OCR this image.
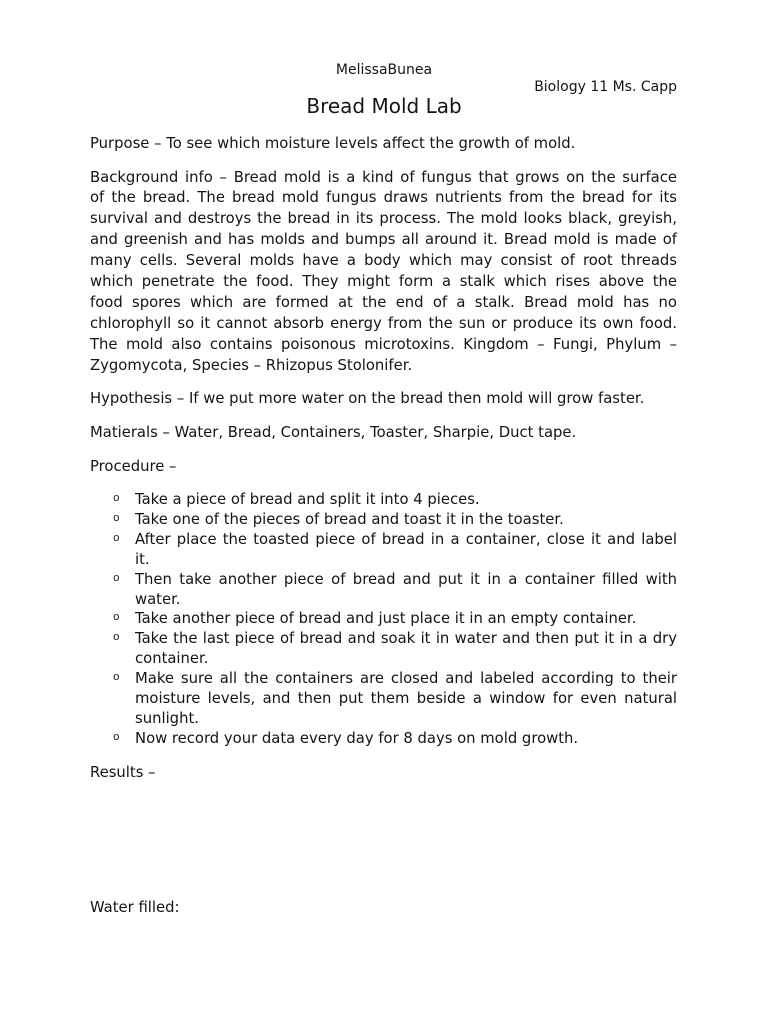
MelissaBunea
Biology 11 Ms. Capp
Bread Mold Lab
Purpose – To see which moisture levels affect the growth of mold.
Background info – Bread mold is a kind of fungus that grows on the surface
of the bread. The bread mold fungus draws nutrients from the bread for its
survival and destroys the bread in its process. The mold looks black, greyish,
and greenish and has molds and bumps all around it. Bread mold is made of
many cells. Several molds have a body which may consist of root threads
which penetrate the food. They might form a stalk which rises above the
food spores which are formed at the end of a stalk. Bread mold has no
chlorophyll so it cannot absorb energy from the sun or produce its own food.
The mold also contains poisonous microtoxins. Kingdom – Fungi, Phylum –
Zygomycota, Species – Rhizopus Stolonifer.
Hypothesis – If we put more water on the bread then mold will grow faster.
Matierals – Water, Bread, Containers, Toaster, Sharpie, Duct tape.
Procedure –
o Take a piece of bread and split it into 4 pieces.
o Take one of the pieces of bread and toast it in the toaster.
o After place the toasted piece of bread in a container, close it and label
it.
o Then take another piece of bread and put it in a container filled with
water.
o Take another piece of bread and just place it in an empty container.
o Take the last piece of bread and soak it in water and then put it in a dry
container.
o Make sure all the containers are closed and labeled according to their
moisture levels, and then put them beside a window for even natural
sunlight.
o Now record your data every day for 8 days on mold growth.
Results –
Water filled:
